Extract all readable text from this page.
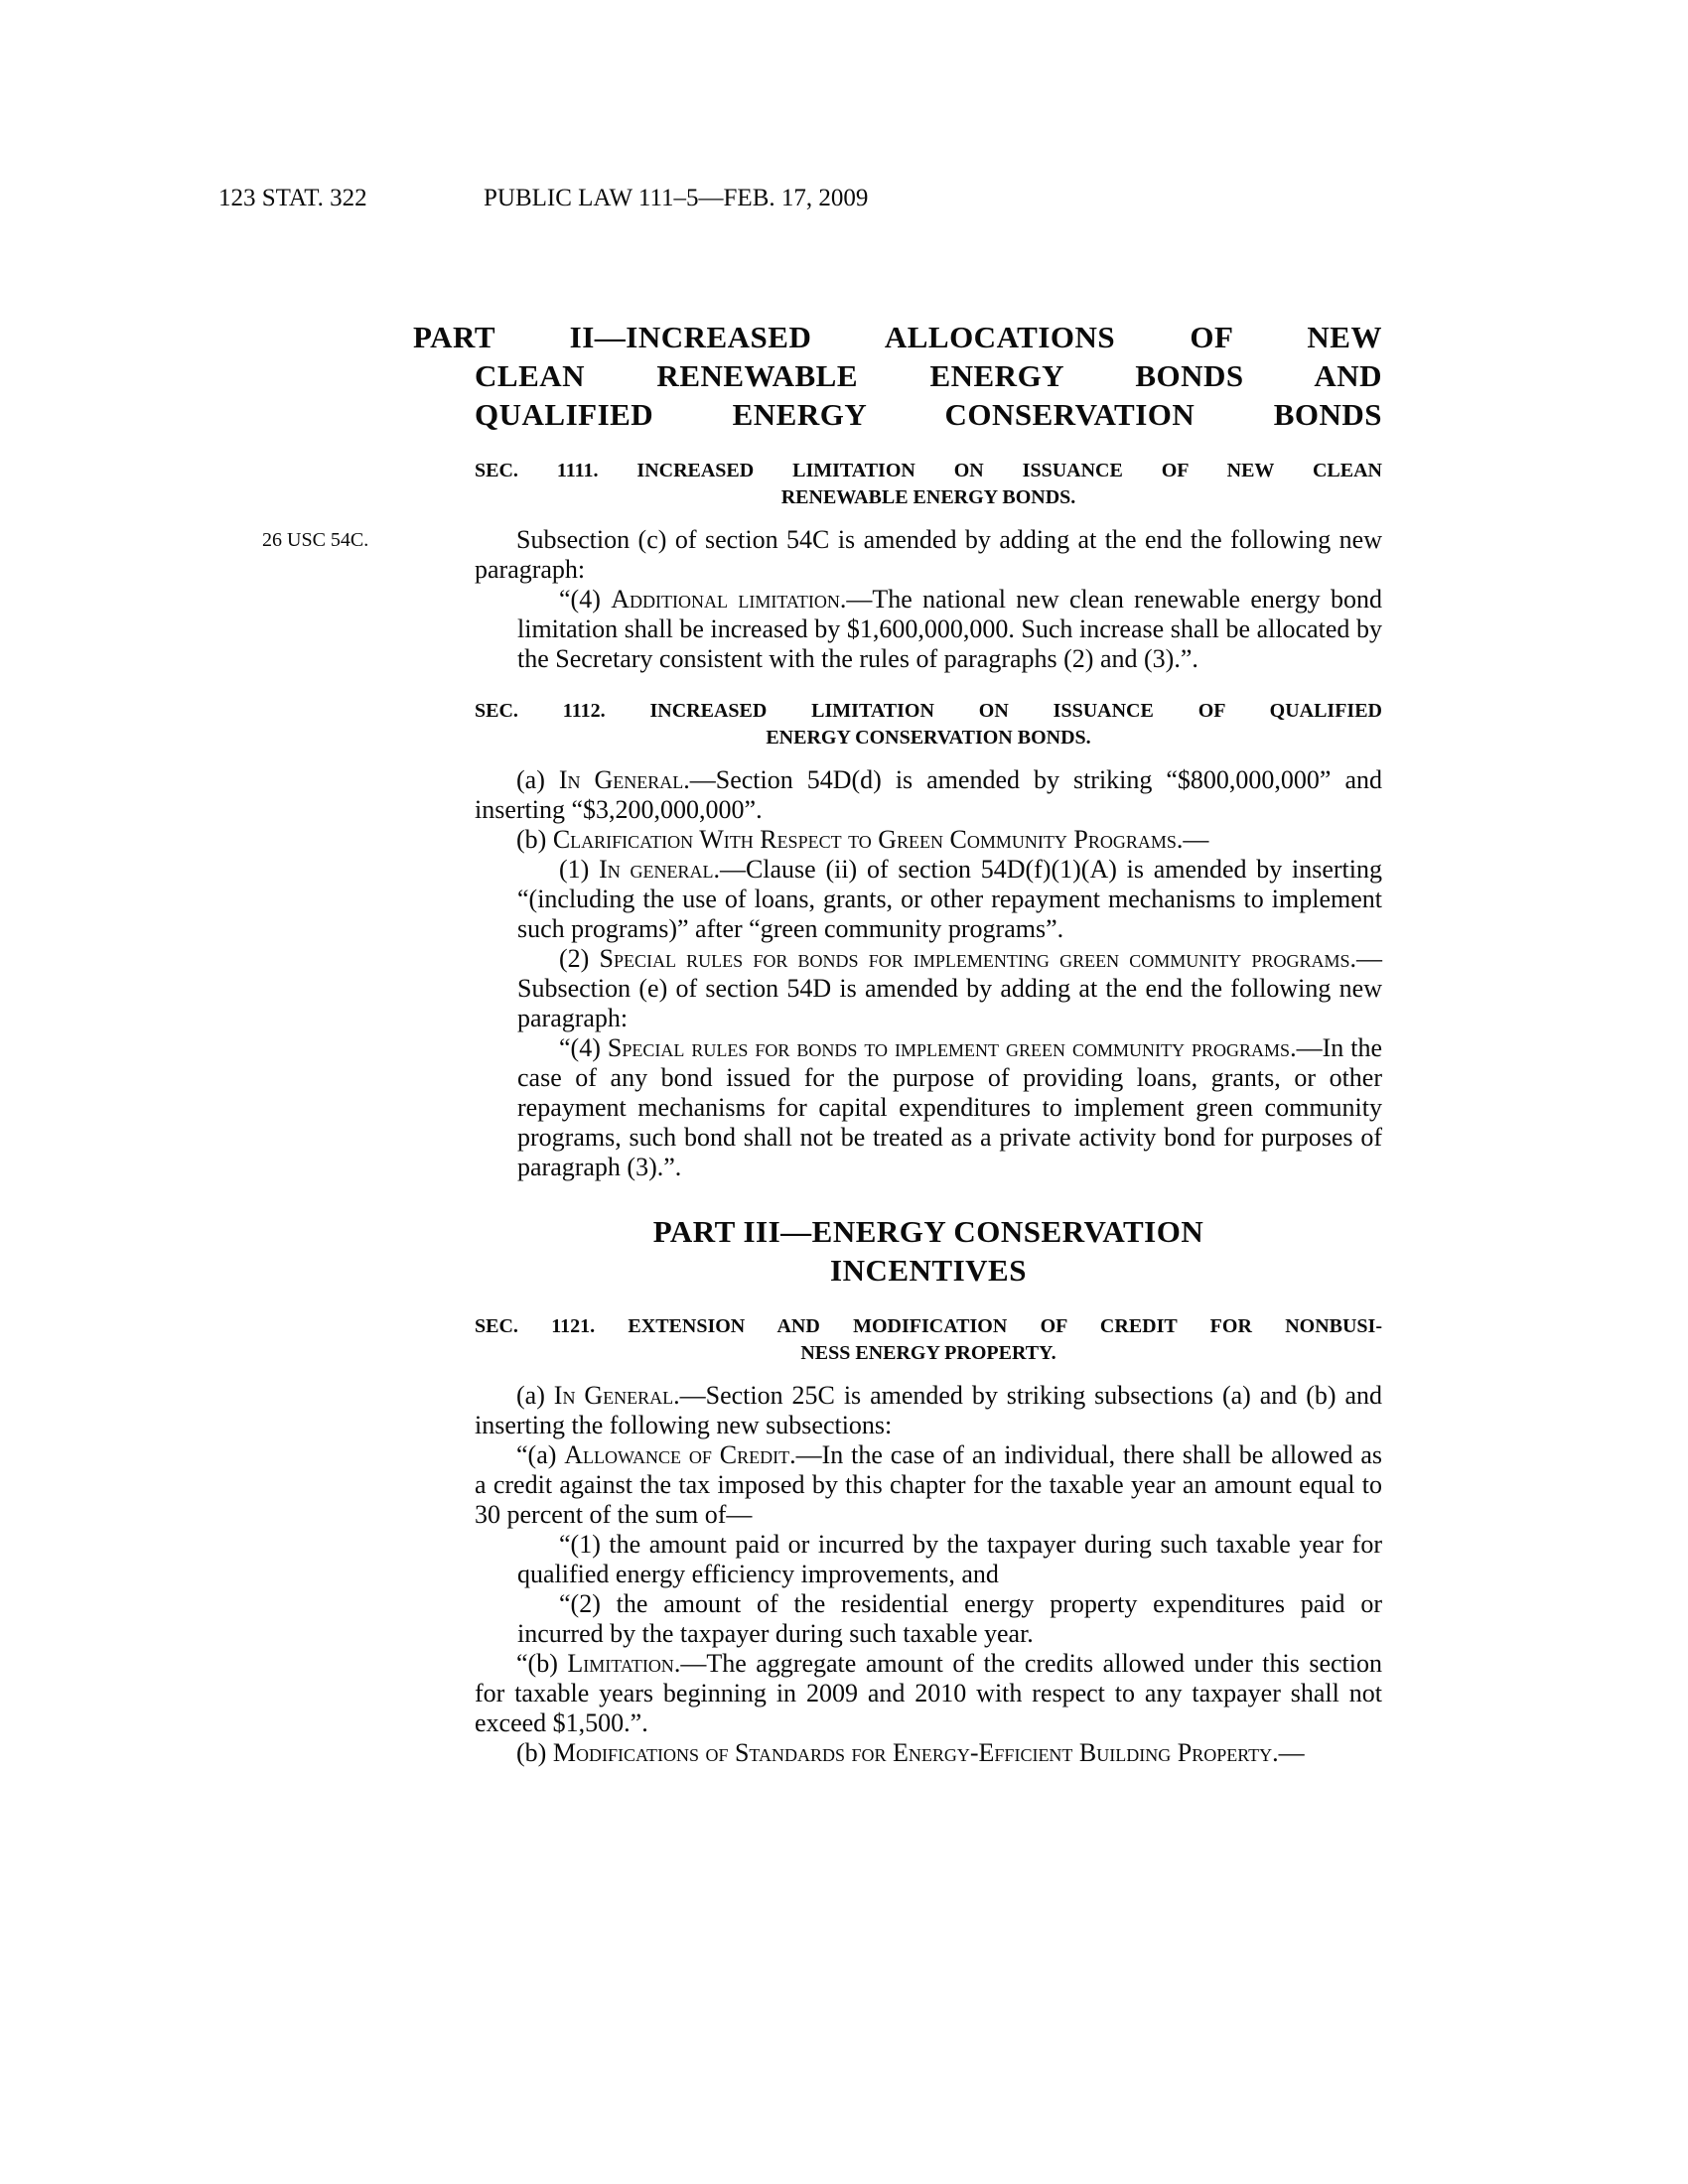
123 STAT. 322	PUBLIC LAW 111–5—FEB. 17, 2009
PART II—INCREASED ALLOCATIONS OF NEW
CLEAN RENEWABLE ENERGY BONDS AND
QUALIFIED ENERGY CONSERVATION BONDS
SEC. 1111. INCREASED LIMITATION ON ISSUANCE OF NEW CLEAN
RENEWABLE ENERGY BONDS.
26 USC 54C.	Subsection (c) of section 54C is amended by adding at the end the following new paragraph:

“(4) Additional limitation.—The national new clean renewable energy bond limitation shall be increased by $1,600,000,000. Such increase shall be allocated by the Secretary consistent with the rules of paragraphs (2) and (3).”.

SEC. 1112. INCREASED LIMITATION ON ISSUANCE OF QUALIFIED
ENERGY CONSERVATION BONDS.

(a) In General.—Section 54D(d) is amended by striking “$800,000,000” and inserting “$3,200,000,000”.

(b) Clarification With Respect to Green Community Programs.—

(1) In general.—Clause (ii) of section 54D(f)(1)(A) is amended by inserting “(including the use of loans, grants, or other repayment mechanisms to implement such programs)” after “green community programs”.

(2) Special rules for bonds for implementing green community programs.—Subsection (e) of section 54D is amended by adding at the end the following new paragraph:

“(4) Special rules for bonds to implement green community programs.—In the case of any bond issued for the purpose of providing loans, grants, or other repayment mechanisms for capital expenditures to implement green community programs, such bond shall not be treated as a private activity bond for purposes of paragraph (3).”.

PART III—ENERGY CONSERVATION
INCENTIVES
SEC. 1121. EXTENSION AND MODIFICATION OF CREDIT FOR NONBUSI-
NESS ENERGY PROPERTY.

(a) In General.—Section 25C is amended by striking subsections (a) and (b) and inserting the following new subsections:

“(a) Allowance of Credit.—In the case of an individual, there shall be allowed as a credit against the tax imposed by this chapter for the taxable year an amount equal to 30 percent of the sum of—

“(1) the amount paid or incurred by the taxpayer during such taxable year for qualified energy efficiency improvements, and

“(2) the amount of the residential energy property expenditures paid or incurred by the taxpayer during such taxable year.

“(b) Limitation.—The aggregate amount of the credits allowed under this section for taxable years beginning in 2009 and 2010 with respect to any taxpayer shall not exceed $1,500.”.

(b) Modifications of Standards for Energy-Efficient Building Property.—
